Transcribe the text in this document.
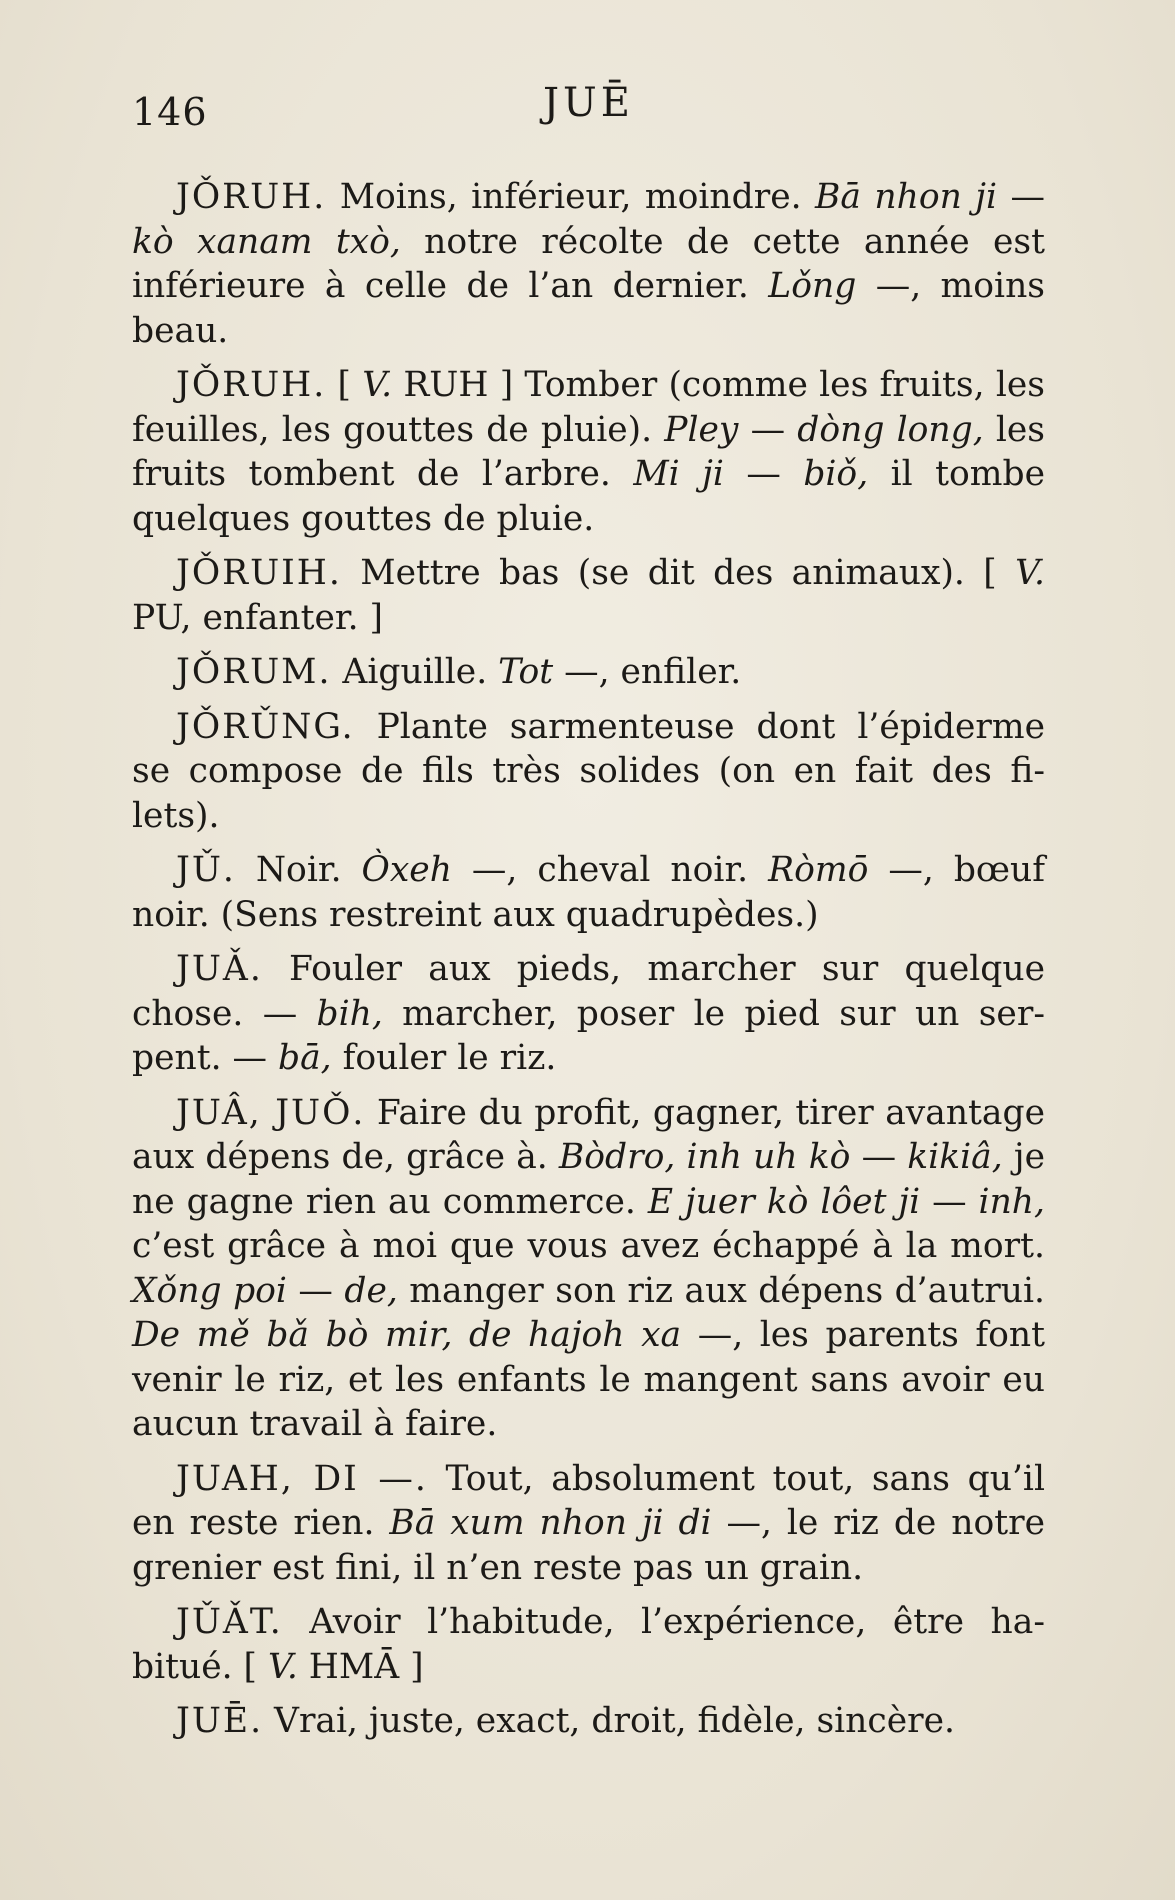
146	JUĒ

JǑRUH. Moins, inférieur, moindre. Bā nhon ji — kò xanam txò, notre récolte de cette année est inférieure à celle de l’an dernier. Lǒng —, moins beau.

JǑRUH. [ V. RUH ] Tomber (comme les fruits, les feuilles, les gouttes de pluie). Pley — dòng long, les fruits tombent de l’arbre. Mi ji — biǒ, il tombe quelques gouttes de pluie.

JǑRUIH. Mettre bas (se dit des animaux). [ V. PU, enfanter. ]

JǑRUM. Aiguille. Tot —, enfiler.

JǑRǓNG. Plante sarmenteuse dont l’épiderme se compose de fils très solides (on en fait des filets).

JǓ. Noir. Òxeh —, cheval noir. Ròmō —, bœuf noir. (Sens restreint aux quadrupèdes.)

JUǍ. Fouler aux pieds, marcher sur quelque chose. — bih, marcher, poser le pied sur un serpent. — bā, fouler le riz.

JUÂ, JUǑ. Faire du profit, gagner, tirer avantage aux dépens de, grâce à. Bòdro, inh uh kò — kikiâ, je ne gagne rien au commerce. E juer kò lôet ji — inh, c’est grâce à moi que vous avez échappé à la mort. Xǒng poi — de, manger son riz aux dépens d’autrui. De mě bǎ bò mir, de hajoh xa —, les parents font venir le riz, et les enfants le mangent sans avoir eu aucun travail à faire.

JUAH, DI —. Tout, absolument tout, sans qu’il en reste rien. Bā xum nhon ji di —, le riz de notre grenier est fini, il n’en reste pas un grain.

JǓǍT. Avoir l’habitude, l’expérience, être habitué. [ V. HMĀ ]

JUĒ. Vrai, juste, exact, droit, fidèle, sincère.
